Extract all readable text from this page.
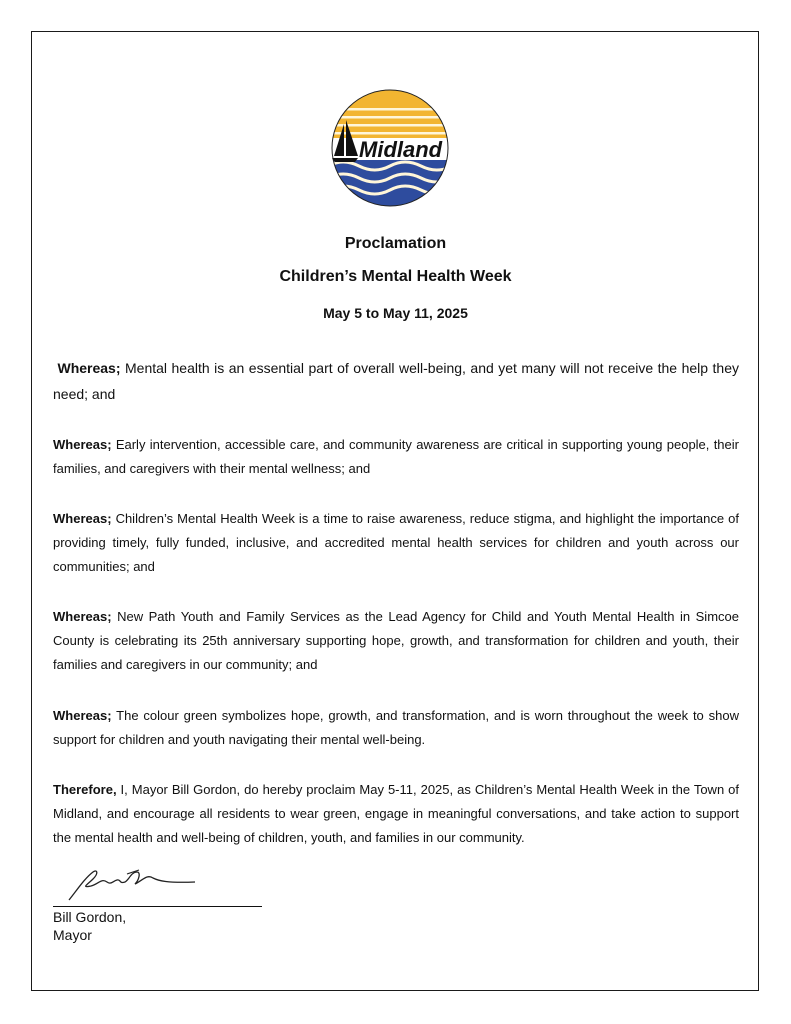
Midland
Proclamation
Children’s Mental Health Week
May 5 to May 11, 2025

Whereas; Mental health is an essential part of overall well-being, and yet many will not receive the help they need; and

Whereas; Early intervention, accessible care, and community awareness are critical in supporting young people, their families, and caregivers with their mental wellness; and

Whereas; Children’s Mental Health Week is a time to raise awareness, reduce stigma, and highlight the importance of providing timely, fully funded, inclusive, and accredited mental health services for children and youth across our communities; and

Whereas; New Path Youth and Family Services as the Lead Agency for Child and Youth Mental Health in Simcoe County is celebrating its 25th anniversary supporting hope, growth, and transformation for children and youth, their families and caregivers in our community; and

Whereas; The colour green symbolizes hope, growth, and transformation, and is worn throughout the week to show support for children and youth navigating their mental well-being.

Therefore, I, Mayor Bill Gordon, do hereby proclaim May 5-11, 2025, as Children’s Mental Health Week in the Town of Midland, and encourage all residents to wear green, engage in meaningful conversations, and take action to support the mental health and well-being of children, youth, and families in our community.

Bill Gordon,
Mayor
